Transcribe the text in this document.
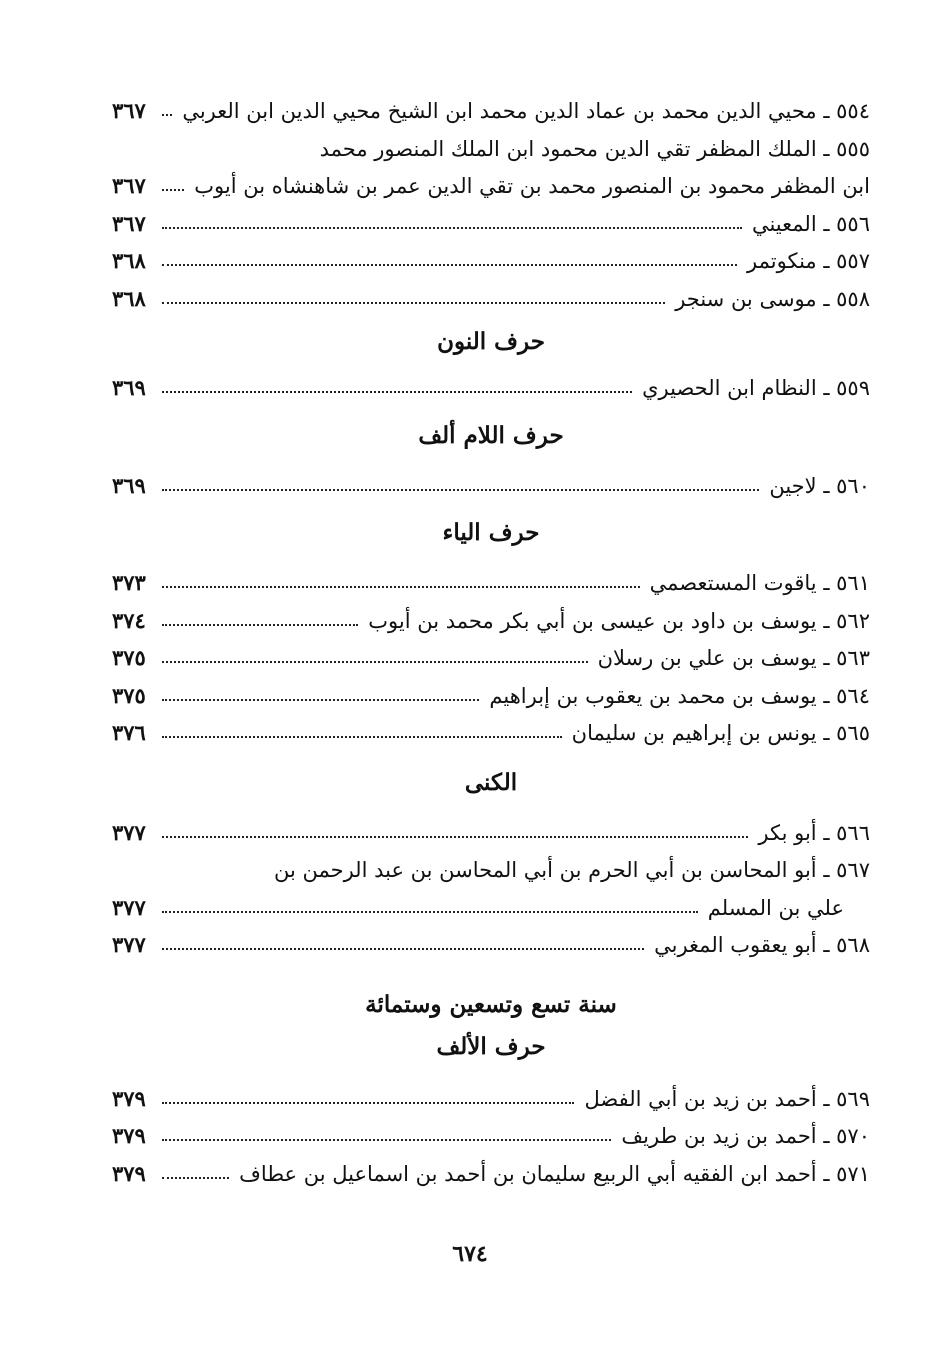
٥٥٤ ـ محيي الدين محمد بن عماد الدين محمد ابن الشيخ محيي الدين ابن العربي
٣٦٧
٥٥٥ ـ الملك المظفر تقي الدين محمود ابن الملك المنصور محمد
ابن المظفر محمود بن المنصور محمد بن تقي الدين عمر بن شاهنشاه بن أيوب
٣٦٧
٥٥٦ ـ المعيني
٣٦٧
٥٥٧ ـ منكوتمر
٣٦٨
٥٥٨ ـ موسى بن سنجر
٣٦٨
حرف النون
٥٥٩ ـ النظام ابن الحصيري
٣٦٩
حرف اللام ألف
٥٦٠ ـ لاجين
٣٦٩
حرف الياء
٥٦١ ـ ياقوت المستعصمي
٣٧٣
٥٦٢ ـ يوسف بن داود بن عيسى بن أبي بكر محمد بن أيوب
٣٧٤
٥٦٣ ـ يوسف بن علي بن رسلان
٣٧٥
٥٦٤ ـ يوسف بن محمد بن يعقوب بن إبراهيم
٣٧٥
٥٦٥ ـ يونس بن إبراهيم بن سليمان
٣٧٦
الكنى
٥٦٦ ـ أبو بكر
٣٧٧
٥٦٧ ـ أبو المحاسن بن أبي الحرم بن أبي المحاسن بن عبد الرحمن بن
علي بن المسلم
٣٧٧
٥٦٨ ـ أبو يعقوب المغربي
٣٧٧
سنة تسع وتسعين وستمائة
حرف الألف
٥٦٩ ـ أحمد بن زيد بن أبي الفضل
٣٧٩
٥٧٠ ـ أحمد بن زيد بن طريف
٣٧٩
٥٧١ ـ أحمد ابن الفقيه أبي الربيع سليمان بن أحمد بن اسماعيل بن عطاف
٣٧٩
٦٧٤
